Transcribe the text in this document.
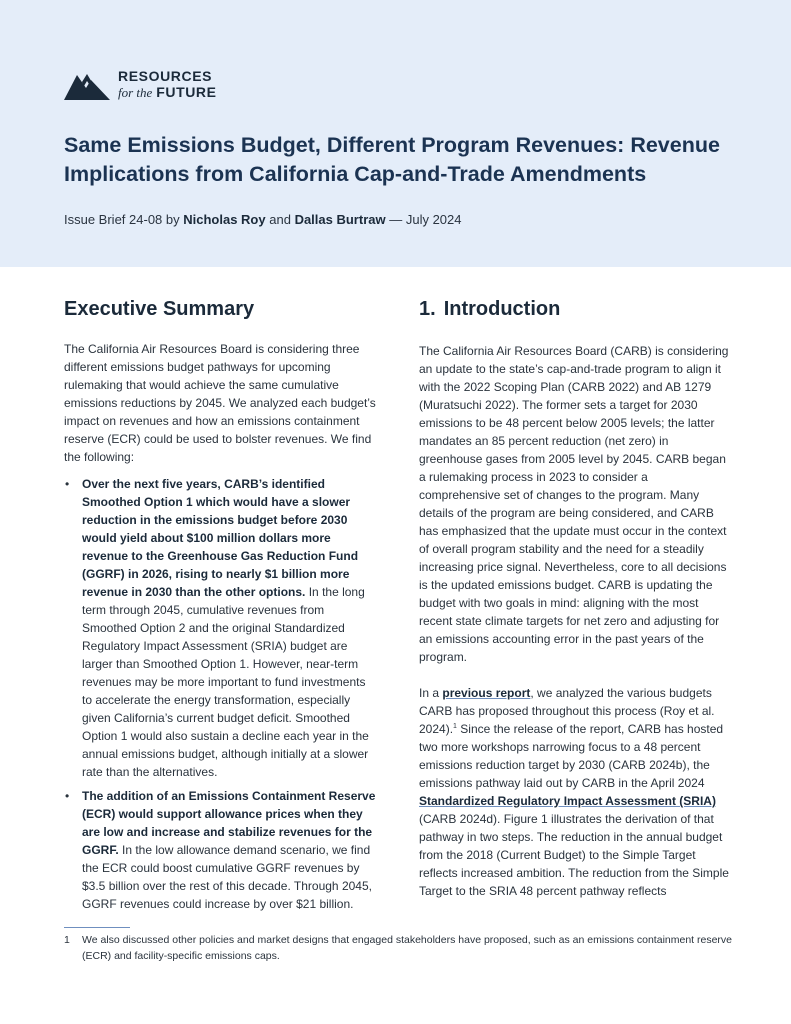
RESOURCES
for the FUTURE
Same Emissions Budget, Different Program Revenues: Revenue Implications from California Cap-and-Trade Amendments
Issue Brief 24-08 by Nicholas Roy and Dallas Burtraw — July 2024
Executive Summary

The California Air Resources Board is considering three different emissions budget pathways for upcoming rulemaking that would achieve the same cumulative emissions reductions by 2045. We analyzed each budget’s impact on revenues and how an emissions containment reserve (ECR) could be used to bolster revenues. We find the following:

• Over the next five years, CARB’s identified Smoothed Option 1 which would have a slower reduction in the emissions budget before 2030 would yield about $100 million dollars more revenue to the Greenhouse Gas Reduction Fund (GGRF) in 2026, rising to nearly $1 billion more revenue in 2030 than the other options. In the long term through 2045, cumulative revenues from Smoothed Option 2 and the original Standardized Regulatory Impact Assessment (SRIA) budget are larger than Smoothed Option 1. However, near-term revenues may be more important to fund investments to accelerate the energy transformation, especially given California’s current budget deficit. Smoothed Option 1 would also sustain a decline each year in the annual emissions budget, although initially at a slower rate than the alternatives.
• The addition of an Emissions Containment Reserve (ECR) would support allowance prices when they are low and increase and stabilize revenues for the GGRF. In the low allowance demand scenario, we find the ECR could boost cumulative GGRF revenues by $3.5 billion over the rest of this decade. Through 2045, GGRF revenues could increase by over $21 billion.
1. Introduction

The California Air Resources Board (CARB) is considering an update to the state’s cap-and-trade program to align it with the 2022 Scoping Plan (CARB 2022) and AB 1279 (Muratsuchi 2022). The former sets a target for 2030 emissions to be 48 percent below 2005 levels; the latter mandates an 85 percent reduction (net zero) in greenhouse gases from 2005 level by 2045. CARB began a rulemaking process in 2023 to consider a comprehensive set of changes to the program. Many details of the program are being considered, and CARB has emphasized that the update must occur in the context of overall program stability and the need for a steadily increasing price signal. Nevertheless, core to all decisions is the updated emissions budget. CARB is updating the budget with two goals in mind: aligning with the most recent state climate targets for net zero and adjusting for an emissions accounting error in the past years of the program.

In a previous report, we analyzed the various budgets CARB has proposed throughout this process (Roy et al. 2024).$^1$ Since the release of the report, CARB has hosted two more workshops narrowing focus to a 48 percent emissions reduction target by 2030 (CARB 2024b), the emissions pathway laid out by CARB in the April 2024 Standardized Regulatory Impact Assessment (SRIA) (CARB 2024d). Figure 1 illustrates the derivation of that pathway in two steps. The reduction in the annual budget from the 2018 (Current Budget) to the Simple Target reflects increased ambition. The reduction from the Simple Target to the SRIA 48 percent pathway reflects

1 We also discussed other policies and market designs that engaged stakeholders have proposed, such as an emissions containment reserve (ECR) and facility-specific emissions caps.
